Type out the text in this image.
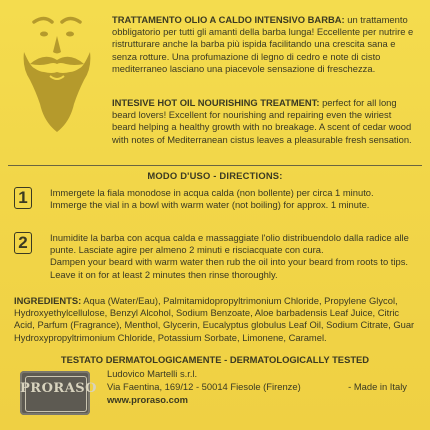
TRATTAMENTO OLIO A CALDO INTENSIVO BARBA: un trattamento obbligatorio per tutti gli amanti della barba lunga! Eccellente per nutrire e ristrutturare anche la barba più ispida facilitando una crescita sana e senza rotture. Una profumazione di legno di cedro e note di cisto mediterraneo lasciano una piacevole sensazione di freschezza.
INTESIVE HOT OIL NOURISHING TREATMENT: perfect for all long beard lovers! Excellent for nourishing and repairing even the wiriest beard helping a healthy growth with no breakage. A scent of cedar wood with notes of Mediterranean cistus leaves a pleasurable fresh sensation.
MODO D'USO - DIRECTIONS:
1	Immergete la fiala monodose in acqua calda (non bollente) per circa 1 minuto.
Immerge the vial in a bowl with warm water (not boiling) for approx. 1 minute.
2	Inumidite la barba con acqua calda e massaggiate l'olio distribuendolo dalla radice alle punte. Lasciate agire per almeno 2 minuti e risciacquate con cura.
Dampen your beard with warm water then rub the oil into your beard from roots to tips. Leave it on for at least 2 minutes then rinse thoroughly.
INGREDIENTS: Aqua (Water/Eau), Palmitamidopropyltrimonium Chloride, Propylene Glycol, Hydroxyethylcellulose, Benzyl Alcohol, Sodium Benzoate, Aloe barbadensis Leaf Juice, Citric Acid, Parfum (Fragrance), Menthol, Glycerin, Eucalyptus globulus Leaf Oil, Sodium Citrate, Guar Hydroxypropyltrimonium Chloride, Potassium Sorbate, Limonene, Caramel.
TESTATO DERMATOLOGICAMENTE - DERMATOLOGICALLY TESTED
PRORASO
Ludovico Martelli s.r.l.
Via Faentina, 169/12 - 50014 Fiesole (Firenze)	- Made in Italy
www.proraso.com
